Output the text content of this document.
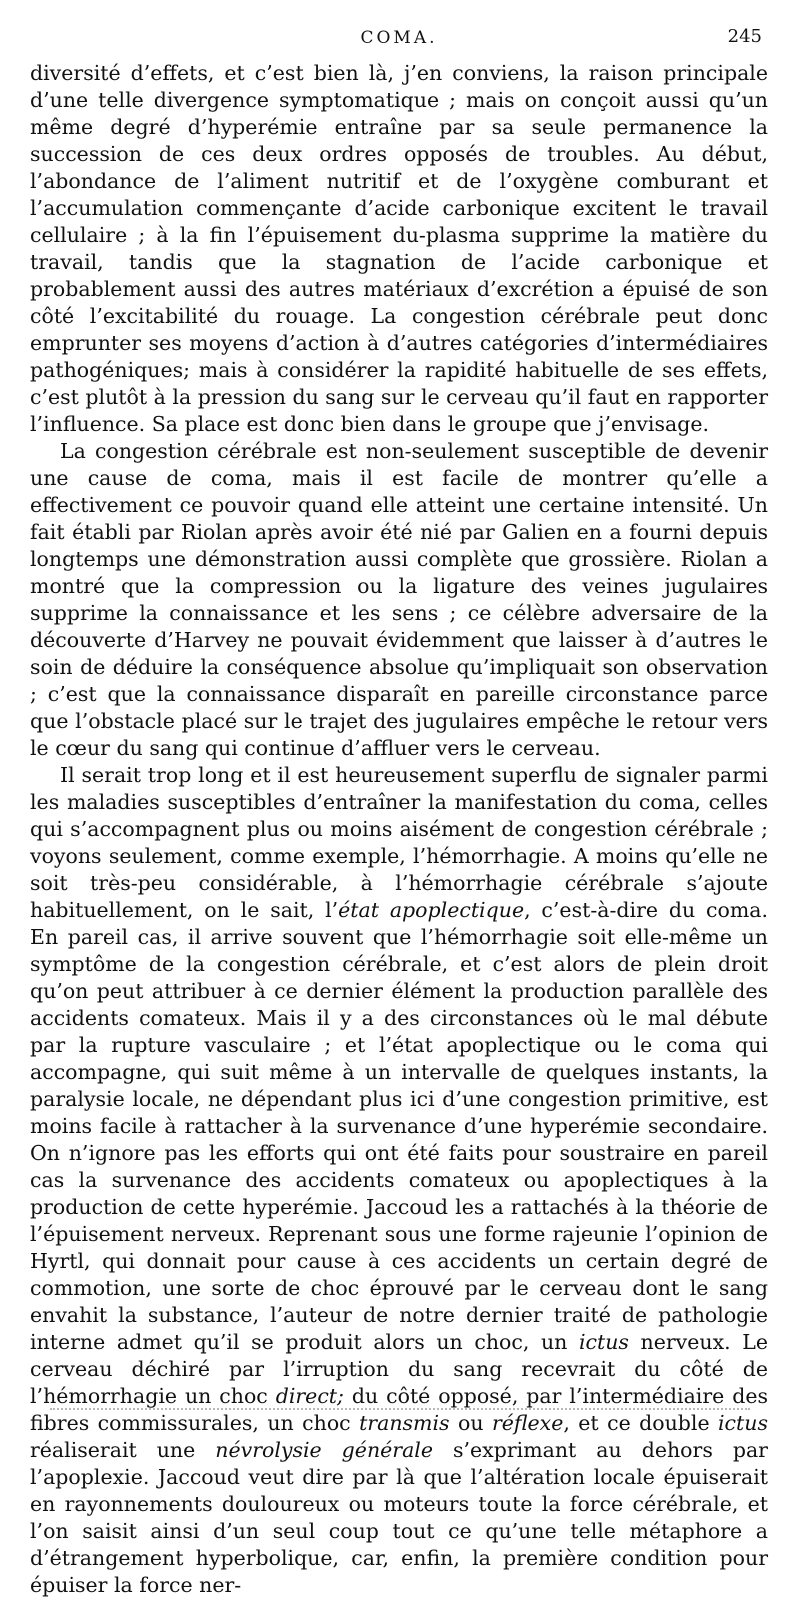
COMA.	245

diversité d’effets, et c’est bien là, j’en conviens, la raison principale d’une telle divergence symptomatique ; mais on conçoit aussi qu’un même degré d’hyperémie entraîne par sa seule permanence la succession de ces deux ordres opposés de troubles. Au début, l’abondance de l’aliment nutritif et de l’oxygène comburant et l’accumulation commençante d’acide carbonique excitent le travail cellulaire ; à la fin l’épuisement du-plasma supprime la matière du travail, tandis que la stagnation de l’acide carbonique et probablement aussi des autres matériaux d’excrétion a épuisé de son côté l’excitabilité du rouage. La congestion cérébrale peut donc emprunter ses moyens d’action à d’autres catégories d’intermédiaires pathogéniques; mais à considérer la rapidité habituelle de ses effets, c’est plutôt à la pression du sang sur le cerveau qu’il faut en rapporter l’influence. Sa place est donc bien dans le groupe que j’envisage.

La congestion cérébrale est non-seulement susceptible de devenir une cause de coma, mais il est facile de montrer qu’elle a effectivement ce pouvoir quand elle atteint une certaine intensité. Un fait établi par Riolan après avoir été nié par Galien en a fourni depuis longtemps une démonstration aussi complète que grossière. Riolan a montré que la compression ou la ligature des veines jugulaires supprime la connaissance et les sens ; ce célèbre adversaire de la découverte d’Harvey ne pouvait évidemment que laisser à d’autres le soin de déduire la conséquence absolue qu’impliquait son observation ; c’est que la connaissance disparaît en pareille circonstance parce que l’obstacle placé sur le trajet des jugulaires empêche le retour vers le cœur du sang qui continue d’affluer vers le cerveau.

Il serait trop long et il est heureusement superflu de signaler parmi les maladies susceptibles d’entraîner la manifestation du coma, celles qui s’accompagnent plus ou moins aisément de congestion cérébrale ; voyons seulement, comme exemple, l’hémorrhagie. A moins qu’elle ne soit très-peu considérable, à l’hémorrhagie cérébrale s’ajoute habituellement, on le sait, l’état apoplectique, c’est-à-dire du coma. En pareil cas, il arrive souvent que l’hémorrhagie soit elle-même un symptôme de la congestion cérébrale, et c’est alors de plein droit qu’on peut attribuer à ce dernier élément la production parallèle des accidents comateux. Mais il y a des circonstances où le mal débute par la rupture vasculaire ; et l’état apoplectique ou le coma qui accompagne, qui suit même à un intervalle de quelques instants, la paralysie locale, ne dépendant plus ici d’une congestion primitive, est moins facile à rattacher à la survenance d’une hyperémie secondaire. On n’ignore pas les efforts qui ont été faits pour soustraire en pareil cas la survenance des accidents comateux ou apoplectiques à la production de cette hyperémie. Jaccoud les a rattachés à la théorie de l’épuisement nerveux. Reprenant sous une forme rajeunie l’opinion de Hyrtl, qui donnait pour cause à ces accidents un certain degré de commotion, une sorte de choc éprouvé par le cerveau dont le sang envahit la substance, l’auteur de notre dernier traité de pathologie interne admet qu’il se produit alors un choc, un ictus nerveux. Le cerveau déchiré par l’irruption du sang recevrait du côté de l’hémorrhagie un choc direct; du côté opposé, par l’intermédiaire des fibres commissurales, un choc transmis ou réflexe, et ce double ictus réaliserait une névrolysie générale s’exprimant au dehors par l’apoplexie. Jaccoud veut dire par là que l’altération locale épuiserait en rayonnements douloureux ou moteurs toute la force cérébrale, et l’on saisit ainsi d’un seul coup tout ce qu’une telle métaphore a d’étrangement hyperbolique, car, enfin, la première condition pour épuiser la force ner-
